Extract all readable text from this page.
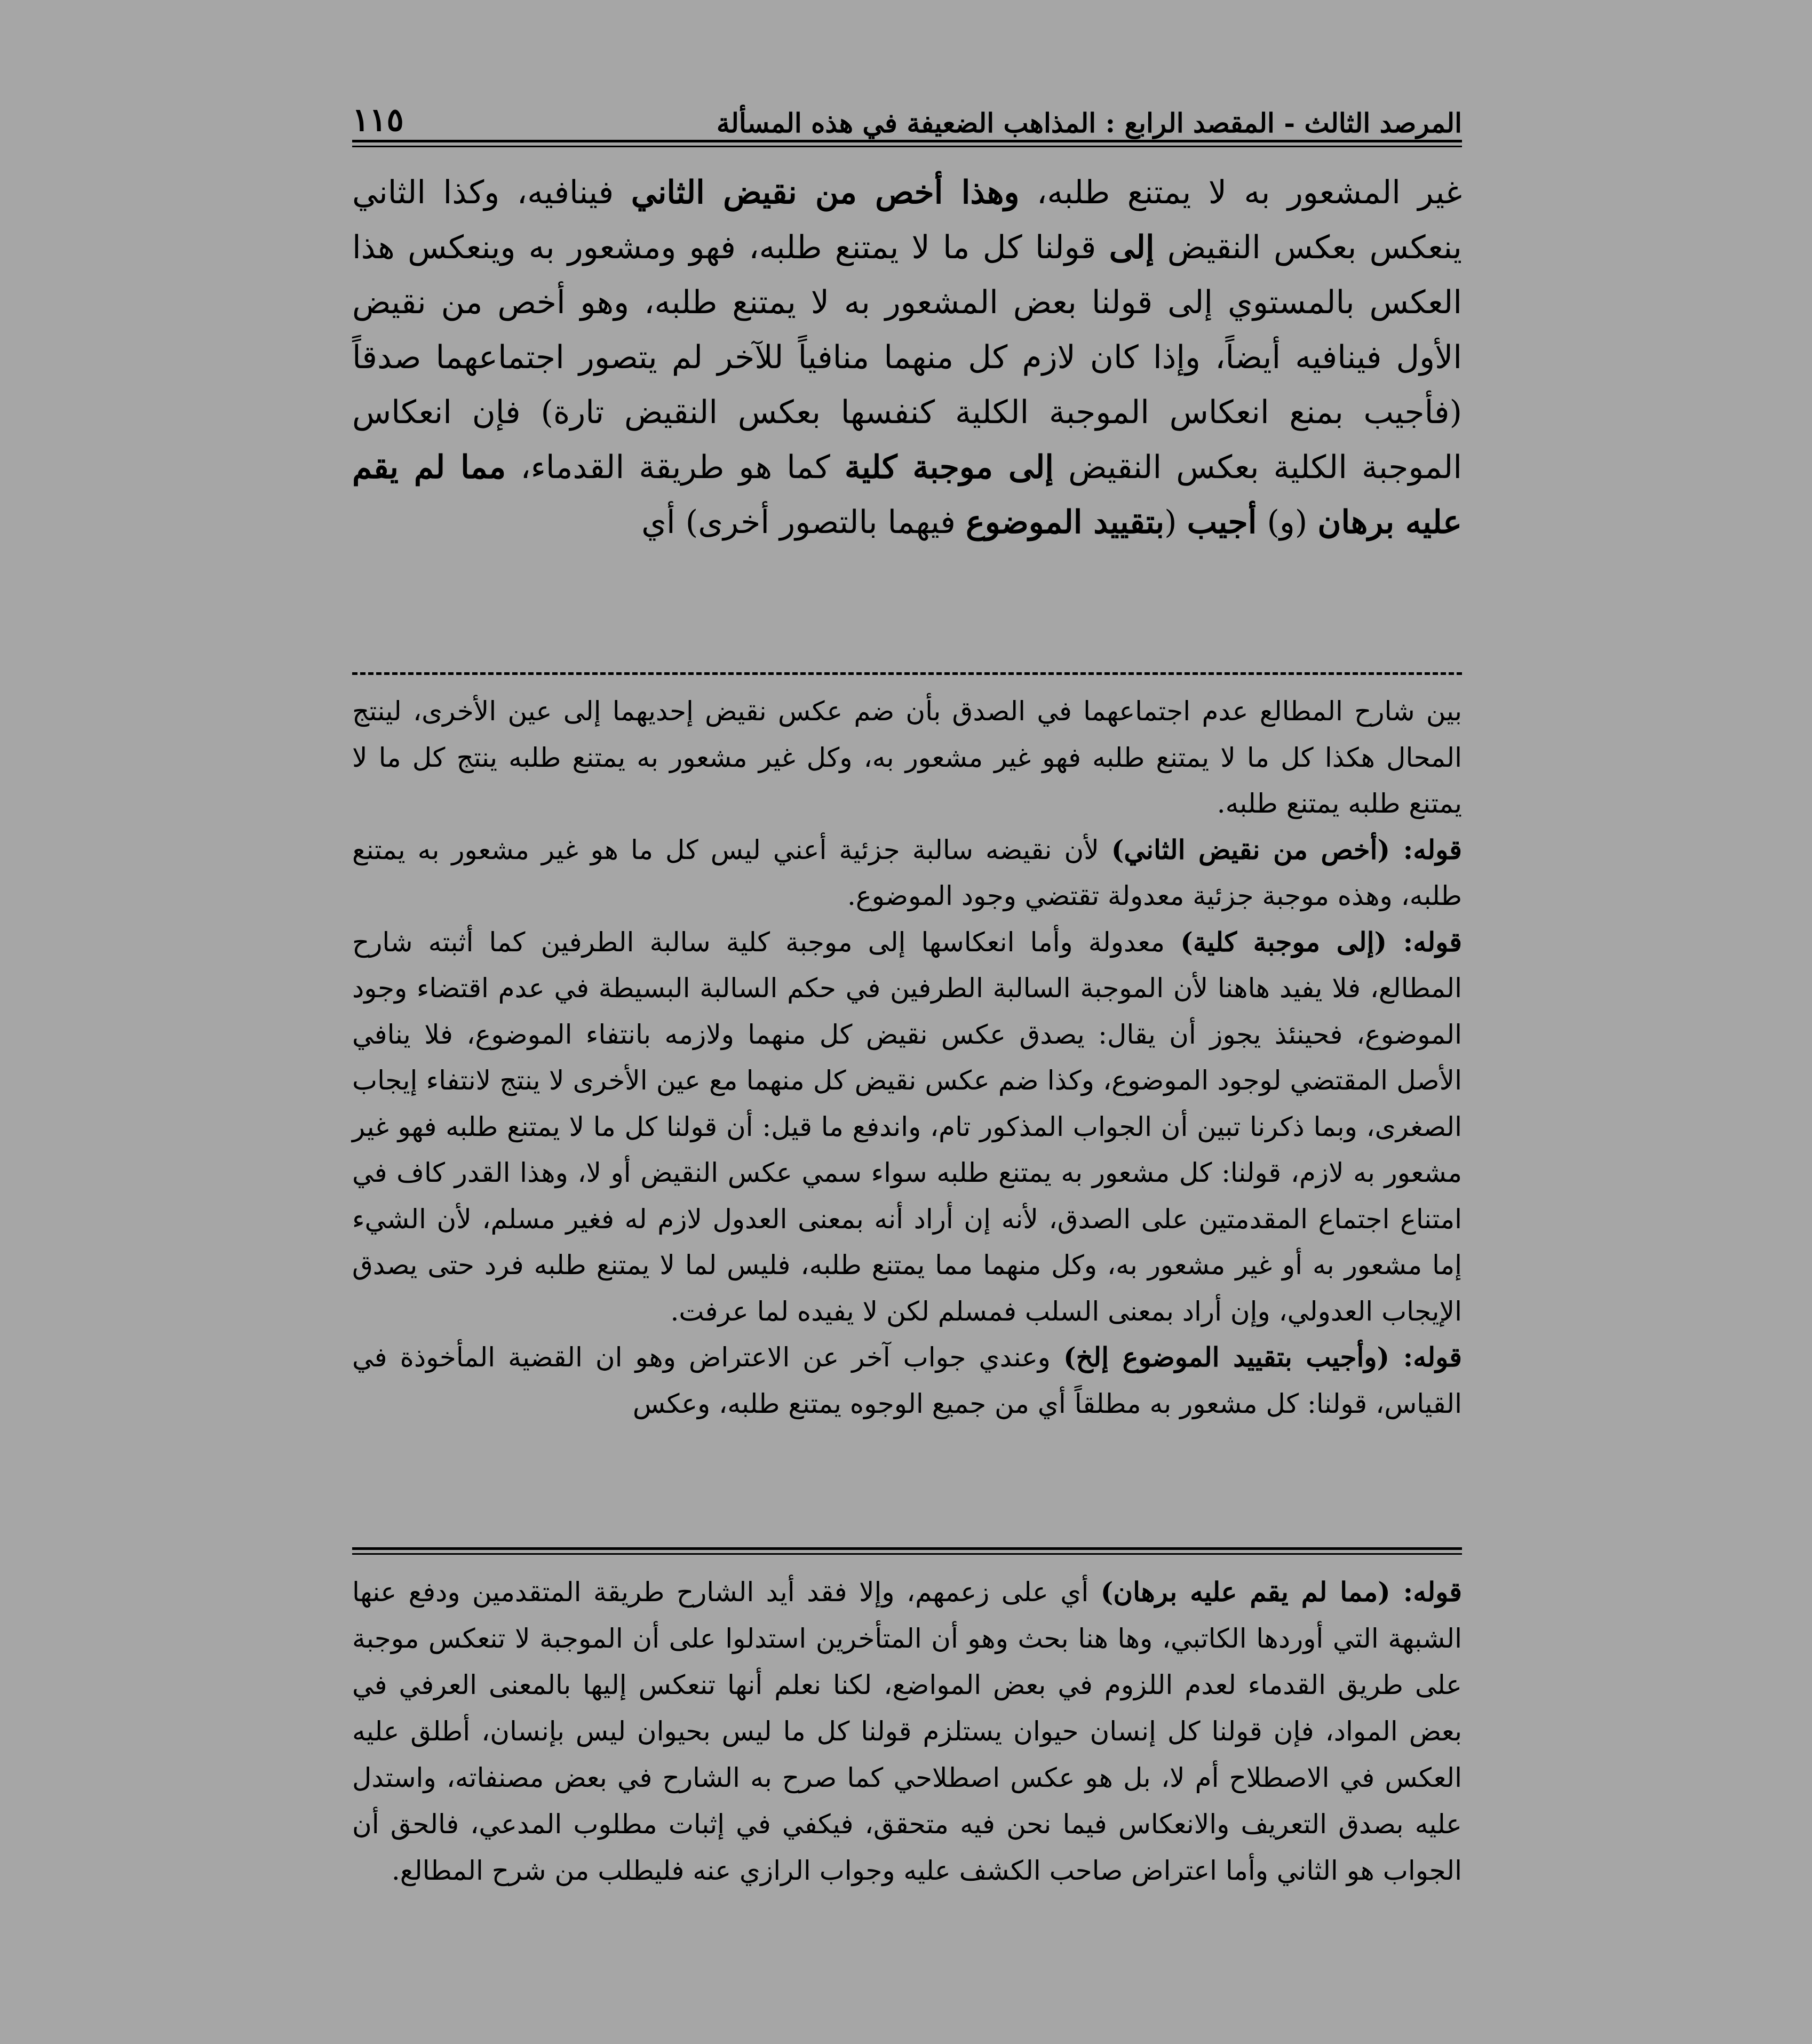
المرصد الثالث - المقصد الرابع : المذاهب الضعيفة في هذه المسألة
١١٥

غير المشعور به لا يمتنع طلبه، وهذا أخص من نقيض الثاني فينافيه، وكذا الثاني ينعكس بعكس النقيض إلى قولنا كل ما لا يمتنع طلبه، فهو ومشعور به وينعكس هذا العكس بالمستوي إلى قولنا بعض المشعور به لا يمتنع طلبه، وهو أخص من نقيض الأول فينافيه أيضاً، وإذا كان لازم كل منهما منافياً للآخر لم يتصور اجتماعهما صدقاً (فأجيب بمنع انعكاس الموجبة الكلية كنفسها بعكس النقيض تارة) فإن انعكاس الموجبة الكلية بعكس النقيض إلى موجبة كلية كما هو طريقة القدماء، مما لم يقم عليه برهان (و) أجيب (بتقييد الموضوع فيهما بالتصور أخرى) أي

بين شارح المطالع عدم اجتماعهما في الصدق بأن ضم عكس نقيض إحديهما إلى عين الأخرى، لينتج المحال هكذا كل ما لا يمتنع طلبه فهو غير مشعور به، وكل غير مشعور به يمتنع طلبه ينتج كل ما لا يمتنع طلبه يمتنع طلبه.

قوله: (أخص من نقيض الثاني) لأن نقيضه سالبة جزئية أعني ليس كل ما هو غير مشعور به يمتنع طلبه، وهذه موجبة جزئية معدولة تقتضي وجود الموضوع.

قوله: (إلى موجبة كلية) معدولة وأما انعكاسها إلى موجبة كلية سالبة الطرفين كما أثبته شارح المطالع، فلا يفيد هاهنا لأن الموجبة السالبة الطرفين في حكم السالبة البسيطة في عدم اقتضاء وجود الموضوع، فحينئذ يجوز أن يقال: يصدق عكس نقيض كل منهما ولازمه بانتفاء الموضوع، فلا ينافي الأصل المقتضي لوجود الموضوع، وكذا ضم عكس نقيض كل منهما مع عين الأخرى لا ينتج لانتفاء إيجاب الصغرى، وبما ذكرنا تبين أن الجواب المذكور تام، واندفع ما قيل: أن قولنا كل ما لا يمتنع طلبه فهو غير مشعور به لازم، قولنا: كل مشعور به يمتنع طلبه سواء سمي عكس النقيض أو لا، وهذا القدر كاف في امتناع اجتماع المقدمتين على الصدق، لأنه إن أراد أنه بمعنى العدول لازم له فغير مسلم، لأن الشيء إما مشعور به أو غير مشعور به، وكل منهما مما يمتنع طلبه، فليس لما لا يمتنع طلبه فرد حتى يصدق الإيجاب العدولي، وإن أراد بمعنى السلب فمسلم لكن لا يفيده لما عرفت.

قوله: (وأجيب بتقييد الموضوع إلخ) وعندي جواب آخر عن الاعتراض وهو ان القضية المأخوذة في القياس، قولنا: كل مشعور به مطلقاً أي من جميع الوجوه يمتنع طلبه، وعكس

قوله: (مما لم يقم عليه برهان) أي على زعمهم، وإلا فقد أيد الشارح طريقة المتقدمين ودفع عنها الشبهة التي أوردها الكاتبي، وها هنا بحث وهو أن المتأخرين استدلوا على أن الموجبة لا تنعكس موجبة على طريق القدماء لعدم اللزوم في بعض المواضع، لكنا نعلم أنها تنعكس إليها بالمعنى العرفي في بعض المواد، فإن قولنا كل إنسان حيوان يستلزم قولنا كل ما ليس بحيوان ليس بإنسان، أطلق عليه العكس في الاصطلاح أم لا، بل هو عكس اصطلاحي كما صرح به الشارح في بعض مصنفاته، واستدل عليه بصدق التعريف والانعكاس فيما نحن فيه متحقق، فيكفي في إثبات مطلوب المدعي، فالحق أن الجواب هو الثاني وأما اعتراض صاحب الكشف عليه وجواب الرازي عنه فليطلب من شرح المطالع.
